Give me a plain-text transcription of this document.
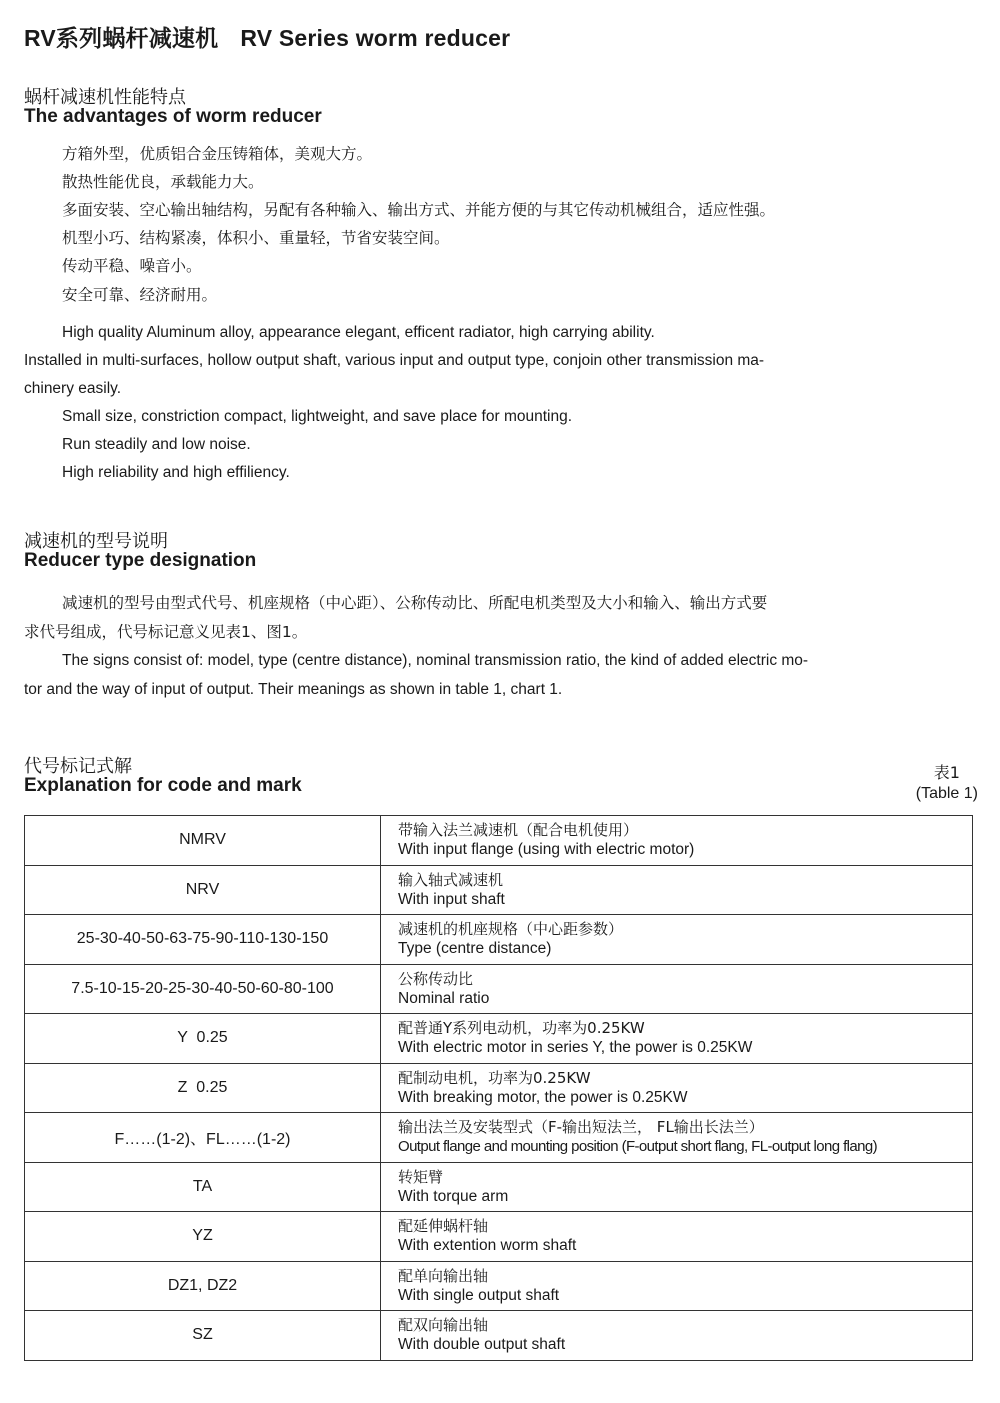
RV系列蜗杆减速机 RV Series worm reducer
蜗杆减速机性能特点
The advantages of worm reducer
方箱外型，优质铝合金压铸箱体，美观大方。
散热性能优良，承载能力大。
多面安装、空心输出轴结构，另配有各种输入、输出方式、并能方便的与其它传动机械组合，适应性强。
机型小巧、结构紧凑，体积小、重量轻，节省安装空间。
传动平稳、噪音小。
安全可靠、经济耐用。
High quality Aluminum alloy, appearance elegant, efficent radiator, high carrying ability.
Installed in multi-surfaces, hollow output shaft, various input and output type, conjoin other transmission ma-
chinery easily.
Small size, constriction compact, lightweight, and save place for mounting.
Run steadily and low noise.
High reliability and high effiliency.
减速机的型号说明
Reducer type designation
减速机的型号由型式代号、机座规格（中心距）、公称传动比、所配电机类型及大小和输入、输出方式要
求代号组成，代号标记意义见表1、图1。
The signs consist of: model, type (centre distance), nominal transmission ratio, the kind of added electric mo-
tor and the way of input of output. Their meanings as shown in table 1, chart 1.
代号标记式解
Explanation for code and mark
表1
(Table 1)
NMRV	带输入法兰减速机（配合电机使用）
With input flange (using with electric motor)

NRV	输入轴式减速机
With input shaft

25-30-40-50-63-75-90-110-130-150	减速机的机座规格（中心距参数）
Type (centre distance)

7.5-10-15-20-25-30-40-50-60-80-100	公称传动比
Nominal ratio

Y  0.25	配普通Y系列电动机，功率为0.25KW
With electric motor in series Y, the power is 0.25KW

Z  0.25	配制动电机，功率为0.25KW
With breaking motor, the power is 0.25KW

F……(1-2)、FL……(1-2)	输出法兰及安装型式（F-输出短法兰， FL输出长法兰）
Output flange and mounting position (F-output short flang, FL-output long flang)

TA	转矩臂
With torque arm

YZ	配延伸蜗杆轴
With extention worm shaft

DZ1, DZ2	配单向输出轴
With single output shaft

SZ	配双向输出轴
With double output shaft
